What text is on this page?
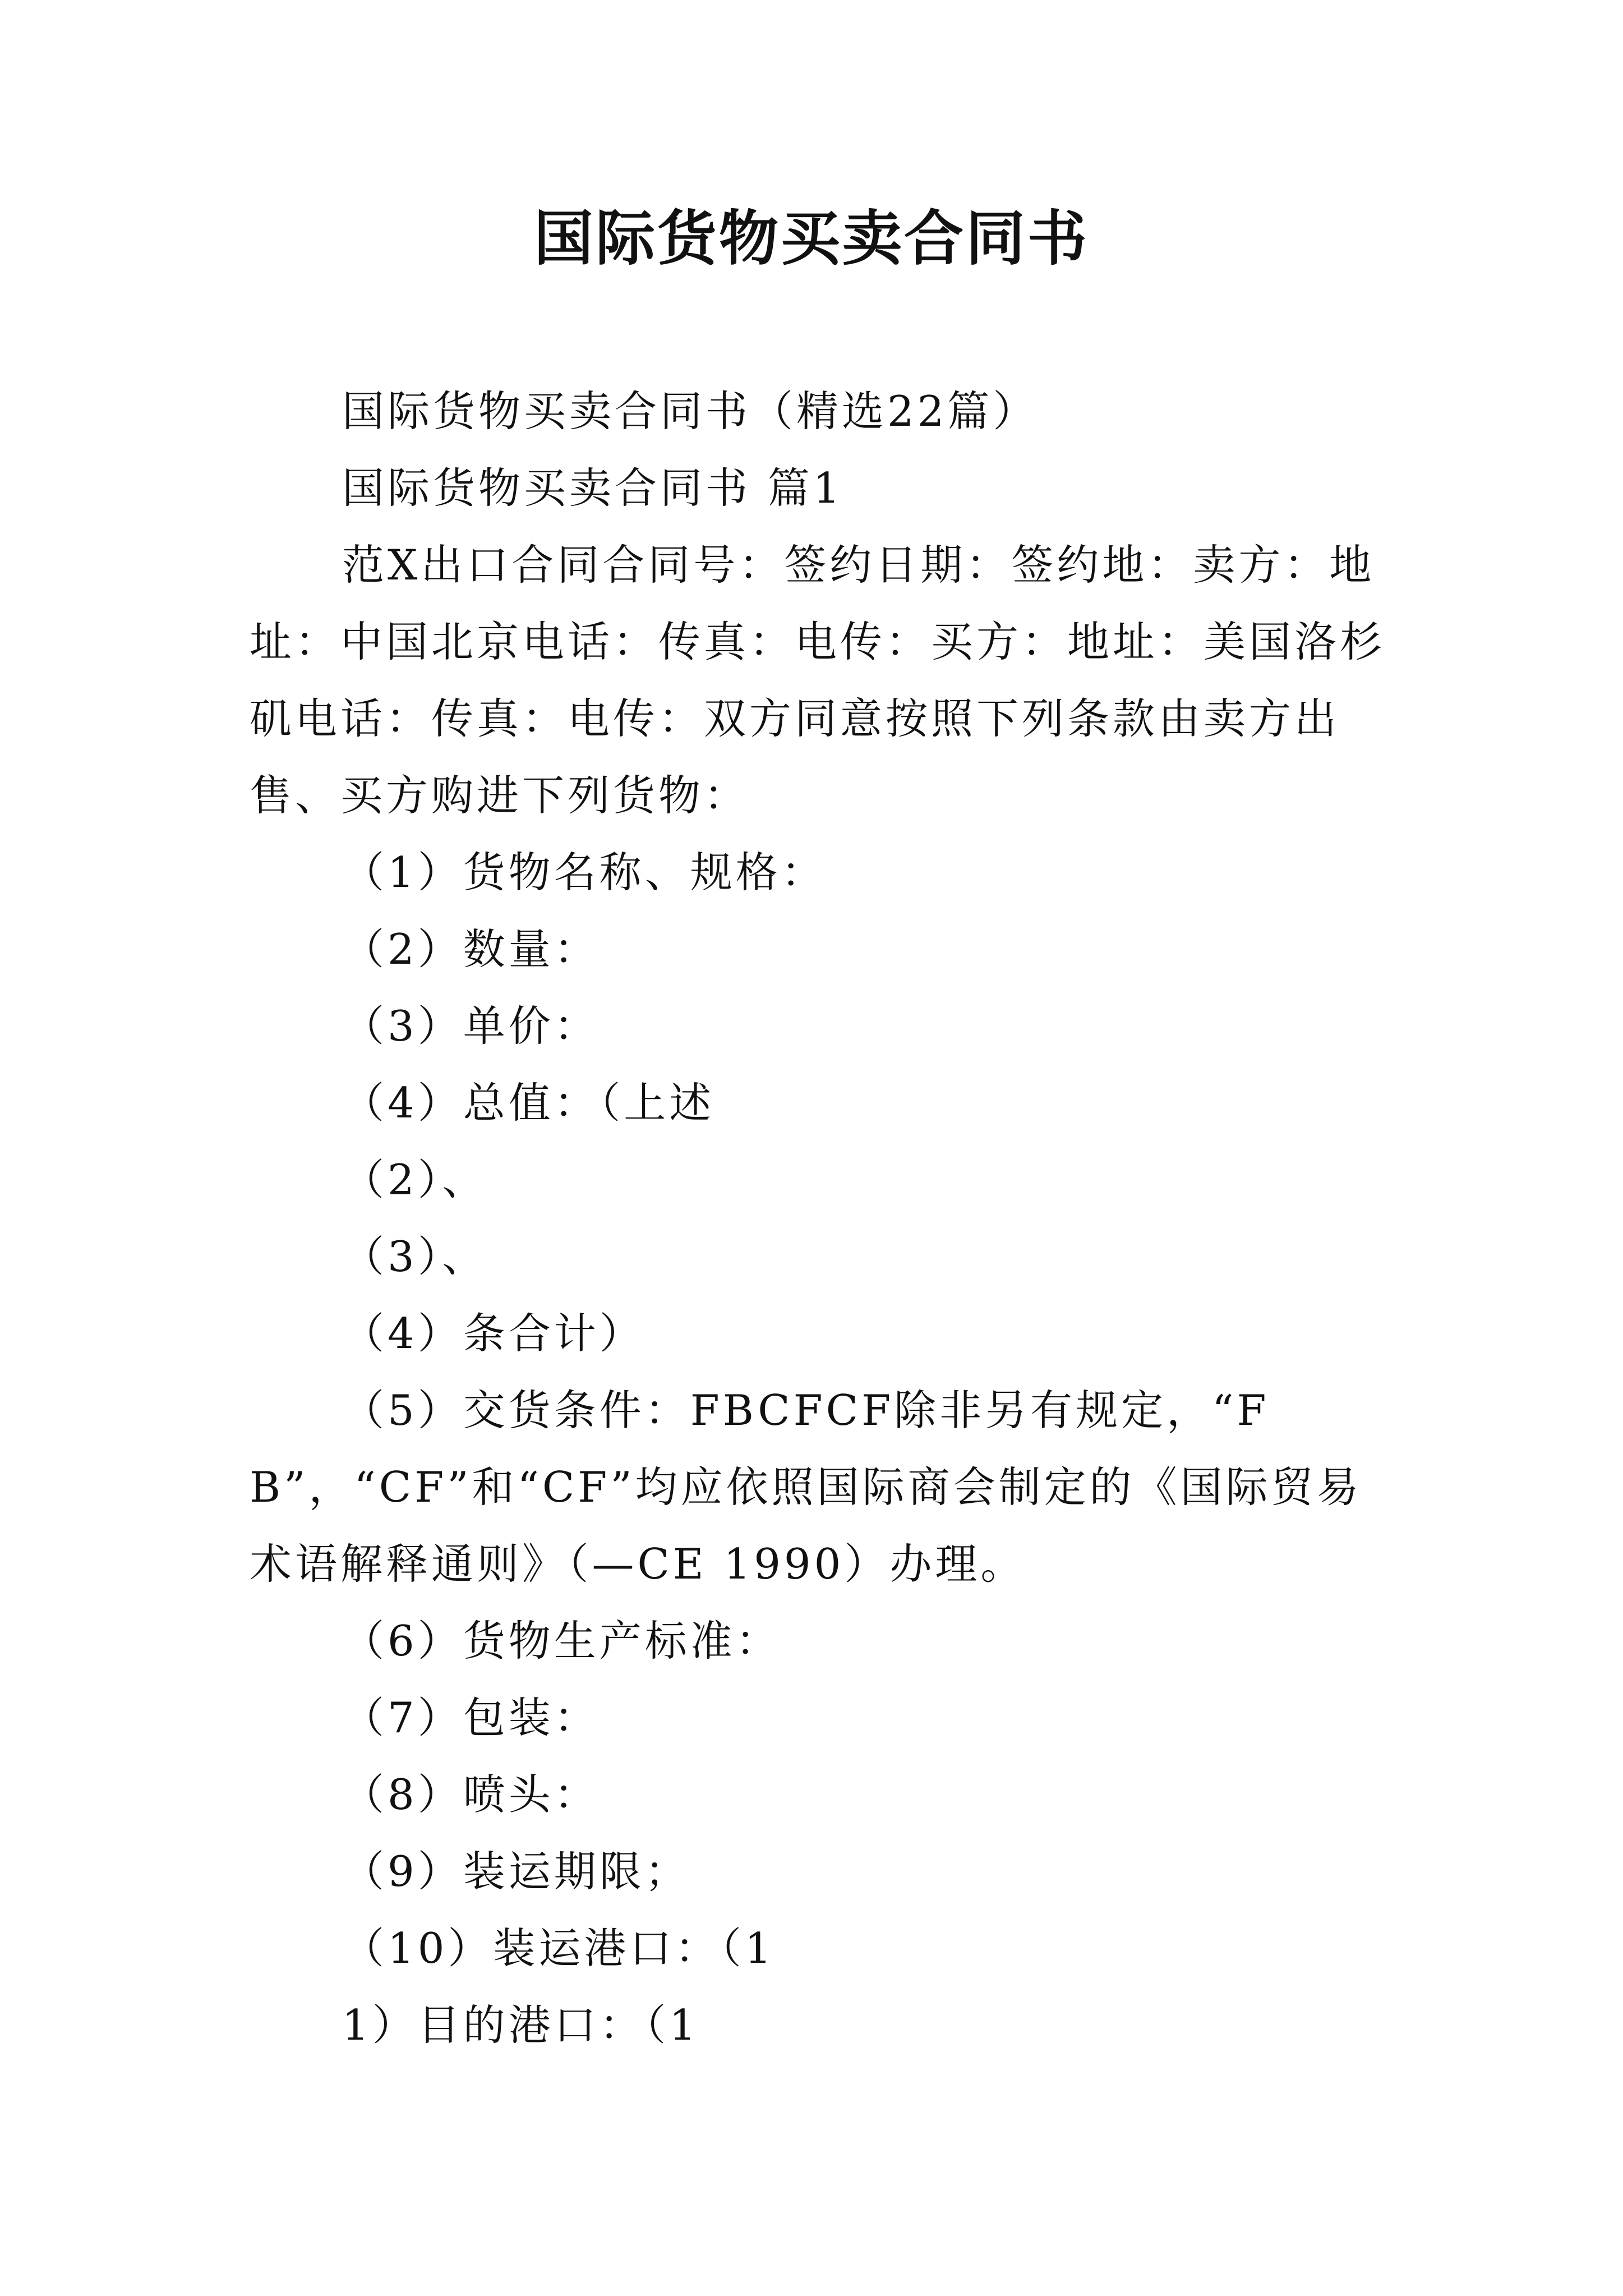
国际货物买卖合同书

国际货物买卖合同书（精选22篇）

国际货物买卖合同书 篇1

范X出口合同合同号：签约日期：签约地：卖方：地址：中国北京电话：传真：电传：买方：地址：美国洛杉矶电话：传真：电传：双方同意按照下列条款由卖方出售、买方购进下列货物：

（1）货物名称、规格：

（2）数量：

（3）单价：

（4）总值：（上述

（2）、

（3）、

（4）条合计）

（5）交货条件：FBCFCF除非另有规定，“FB”，“CF”和“CF”均应依照国际商会制定的《国际贸易术语解释通则》（—CE 1990）办理。

（6）货物生产标准：

（7）包装：

（8）喷头：

（9）装运期限；

（10）装运港口：（1

1）目的港口：（1
